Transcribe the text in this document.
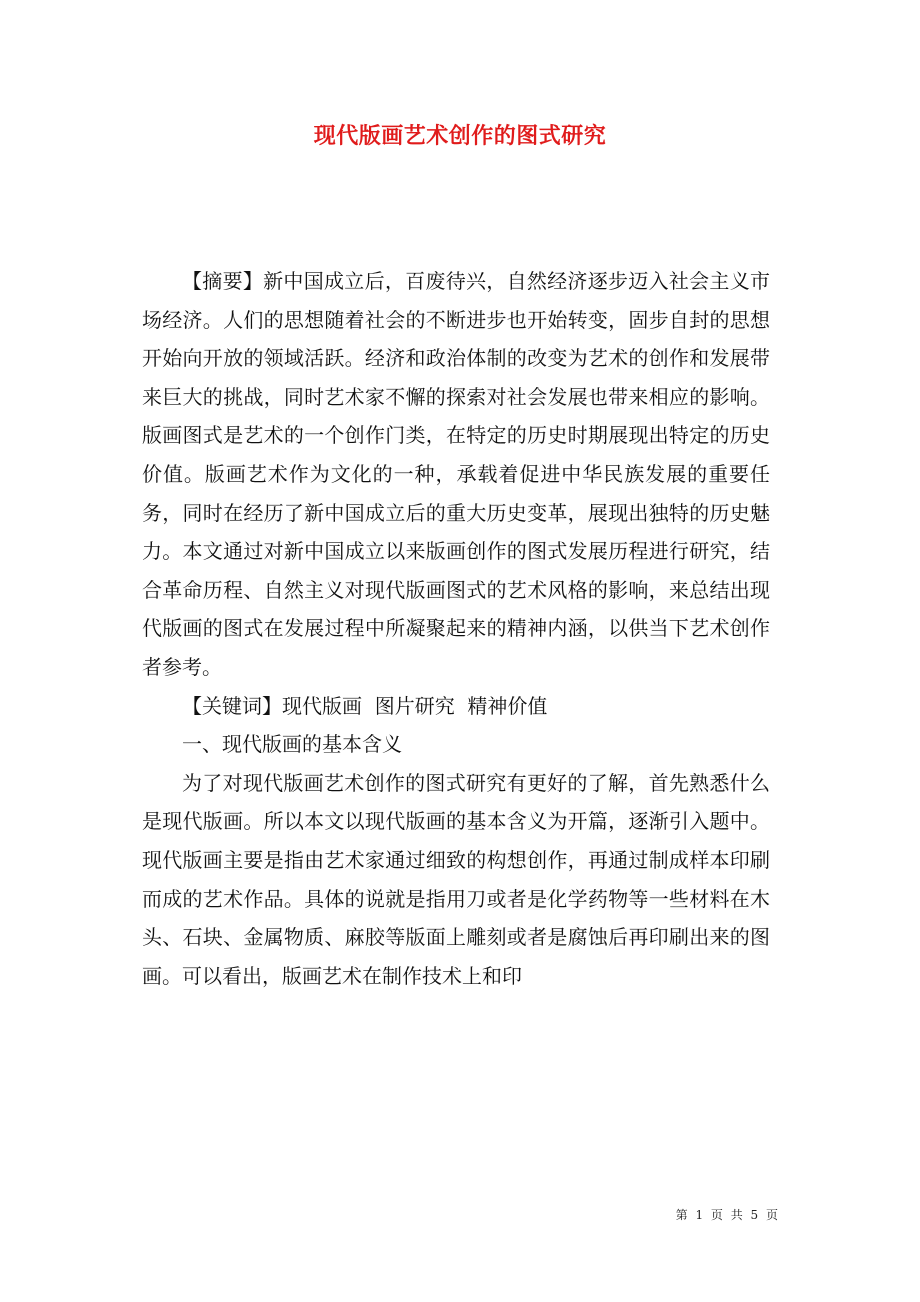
现代版画艺术创作的图式研究

【摘要】新中国成立后，百废待兴，自然经济逐步迈入社会主义市场经济。人们的思想随着社会的不断进步也开始转变，固步自封的思想开始向开放的领域活跃。经济和政治体制的改变为艺术的创作和发展带来巨大的挑战，同时艺术家不懈的探索对社会发展也带来相应的影响。版画图式是艺术的一个创作门类，在特定的历史时期展现出特定的历史价值。版画艺术作为文化的一种，承载着促进中华民族发展的重要任务，同时在经历了新中国成立后的重大历史变革，展现出独特的历史魅力。本文通过对新中国成立以来版画创作的图式发展历程进行研究，结合革命历程、自然主义对现代版画图式的艺术风格的影响，来总结出现代版画的图式在发展过程中所凝聚起来的精神内涵，以供当下艺术创作者参考。

【关键词】现代版画  图片研究  精神价值

一、现代版画的基本含义

为了对现代版画艺术创作的图式研究有更好的了解，首先熟悉什么是现代版画。所以本文以现代版画的基本含义为开篇，逐渐引入题中。现代版画主要是指由艺术家通过细致的构想创作，再通过制成样本印刷而成的艺术作品。具体的说就是指用刀或者是化学药物等一些材料在木头、石块、金属物质、麻胶等版面上雕刻或者是腐蚀后再印刷出来的图画。可以看出，版画艺术在制作技术上和印

第 1 页 共 5 页
